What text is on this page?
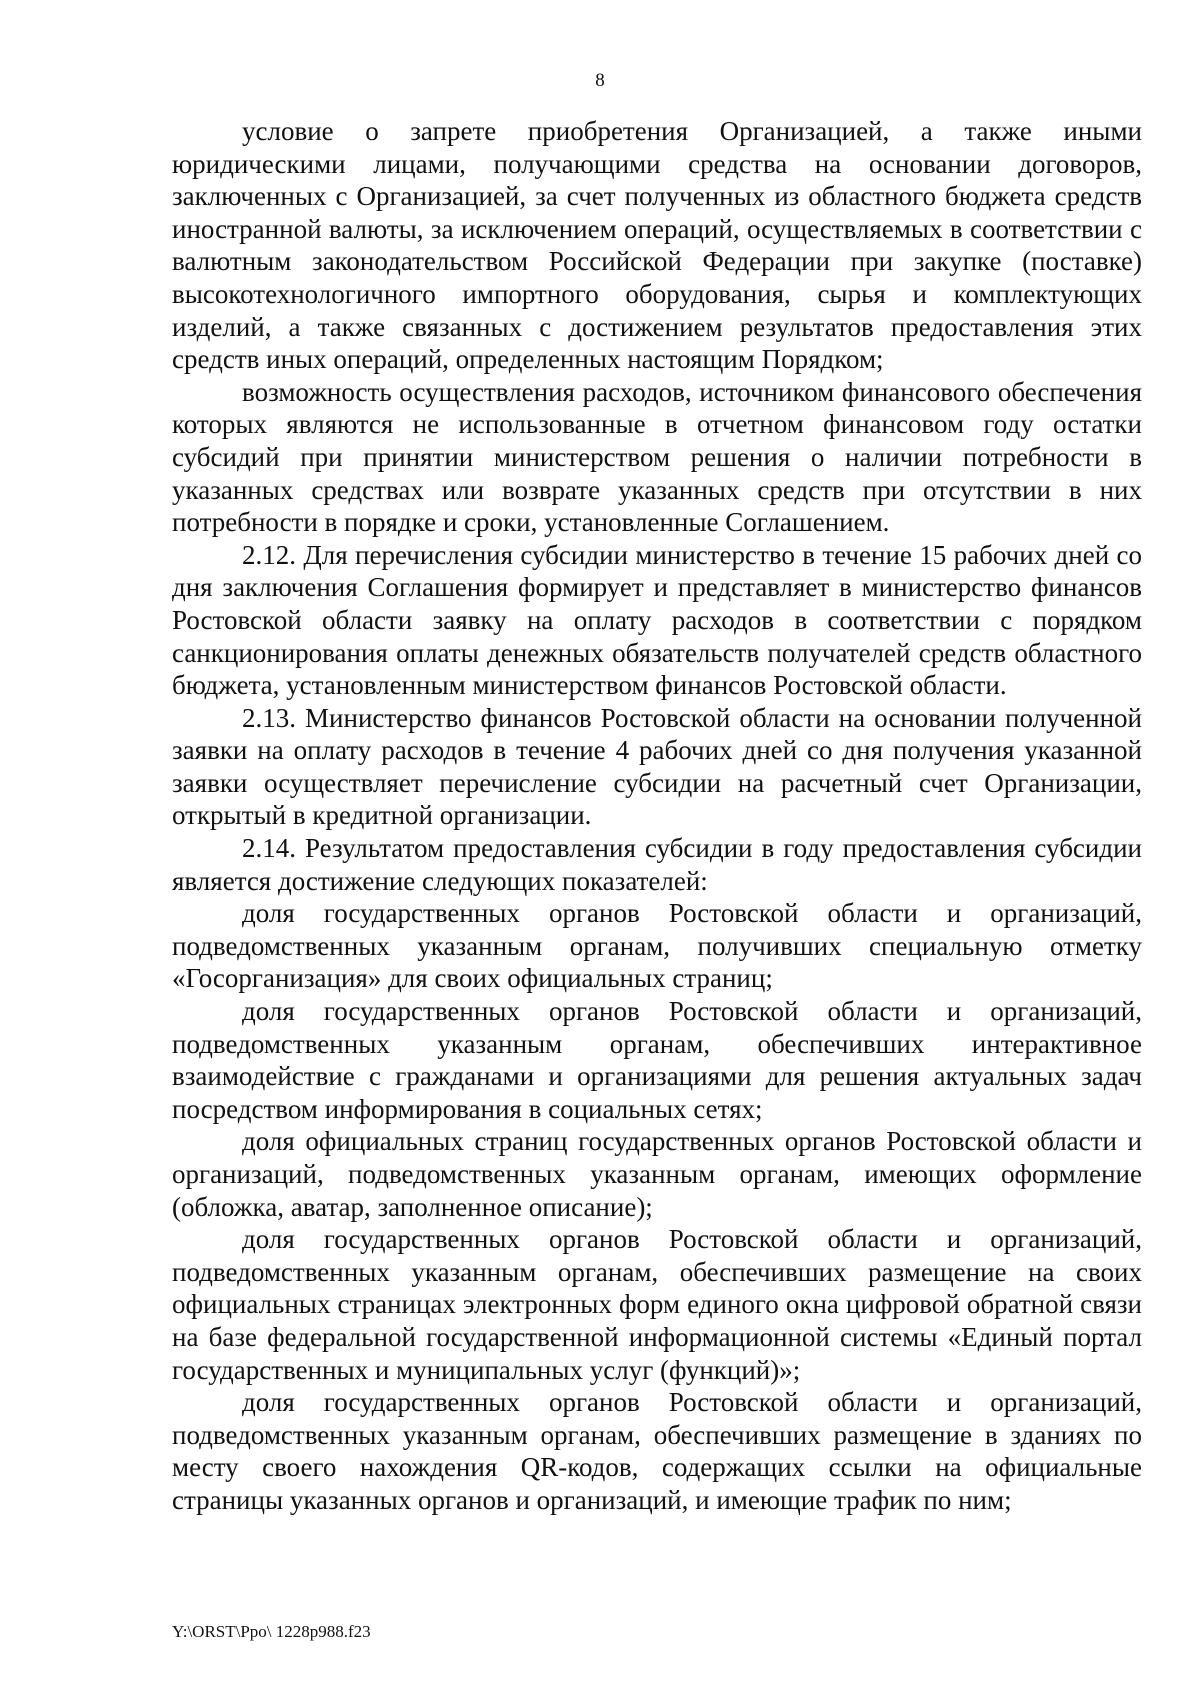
8

условие о запрете приобретения Организацией, а также иными юридическими лицами, получающими средства на основании договоров, заключенных с Организацией, за счет полученных из областного бюджета средств иностранной валюты, за исключением операций, осуществляемых в соответствии с валютным законодательством Российской Федерации при закупке (поставке) высокотехнологичного импортного оборудования, сырья и комплектующих изделий, а также связанных с достижением результатов предоставления этих средств иных операций, определенных настоящим Порядком;

возможность осуществления расходов, источником финансового обеспечения которых являются не использованные в отчетном финансовом году остатки субсидий при принятии министерством решения о наличии потребности в указанных средствах или возврате указанных средств при отсутствии в них потребности в порядке и сроки, установленные Соглашением.

2.12. Для перечисления субсидии министерство в течение 15 рабочих дней со дня заключения Соглашения формирует и представляет в министерство финансов Ростовской области заявку на оплату расходов в соответствии с порядком санкционирования оплаты денежных обязательств получателей средств областного бюджета, установленным министерством финансов Ростовской области.

2.13. Министерство финансов Ростовской области на основании полученной заявки на оплату расходов в течение 4 рабочих дней со дня получения указанной заявки осуществляет перечисление субсидии на расчетный счет Организации, открытый в кредитной организации.

2.14. Результатом предоставления субсидии в году предоставления субсидии является достижение следующих показателей:

доля государственных органов Ростовской области и организаций, подведомственных указанным органам, получивших специальную отметку «Госорганизация» для своих официальных страниц;

доля государственных органов Ростовской области и организаций, подведомственных указанным органам, обеспечивших интерактивное взаимодействие с гражданами и организациями для решения актуальных задач посредством информирования в социальных сетях;

доля официальных страниц государственных органов Ростовской области и организаций, подведомственных указанным органам, имеющих оформление (обложка, аватар, заполненное описание);

доля государственных органов Ростовской области и организаций, подведомственных указанным органам, обеспечивших размещение на своих официальных страницах электронных форм единого окна цифровой обратной связи на базе федеральной государственной информационной системы «Единый портал государственных и муниципальных услуг (функций)»;

доля государственных органов Ростовской области и организаций, подведомственных указанным органам, обеспечивших размещение в зданиях по месту своего нахождения QR-кодов, содержащих ссылки на официальные страницы указанных органов и организаций, и имеющие трафик по ним;

Y:\ORST\Ppo\ 1228p988.f23
